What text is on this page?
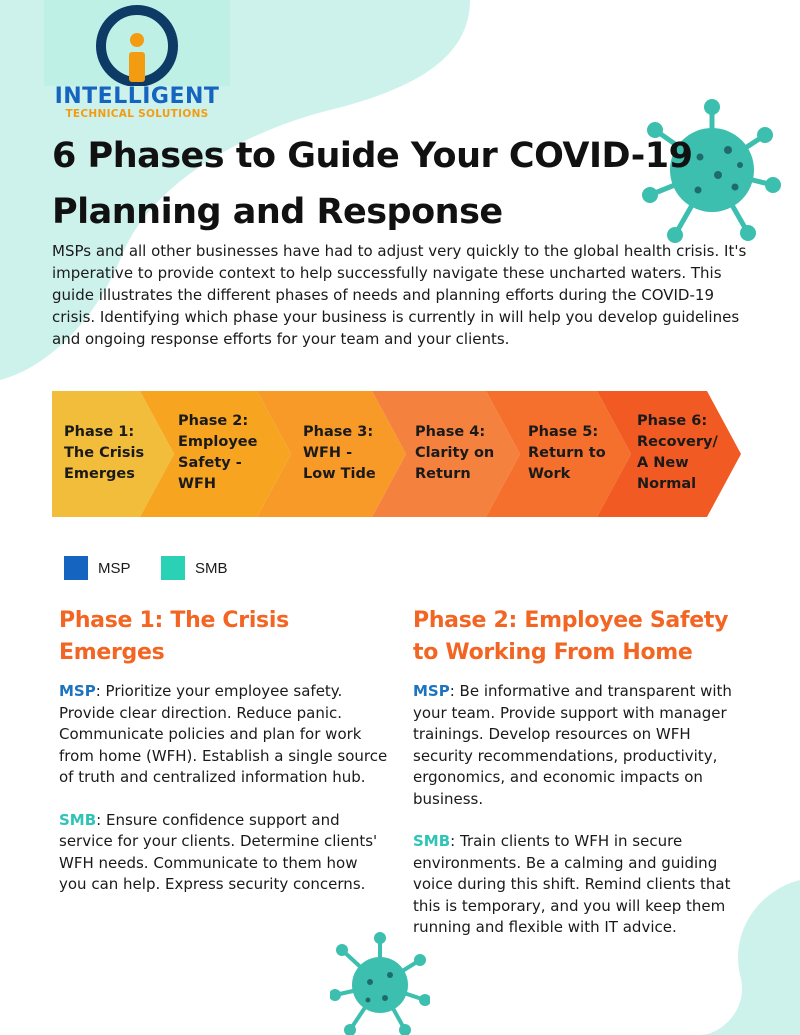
INTELLIGENT
TECHNICAL SOLUTIONS
6 Phases to Guide Your COVID-19
Planning and Response

MSPs and all other businesses have had to adjust very quickly to the global health crisis. It's imperative to provide context to help successfully navigate these uncharted waters. This guide illustrates the different phases of needs and planning efforts during the COVID-19 crisis. Identifying which phase your business is currently in will help you develop guidelines and ongoing response efforts for your team and your clients.

Phase 1:
The Crisis
Emerges
Phase 2:
Employee
Safety -
WFH
Phase 3:
WFH -
Low Tide
Phase 4:
Clarity on
Return
Phase 5:
Return to
Work
Phase 6:
Recovery/
A New
Normal
MSP	SMB
Phase 1: The Crisis Emerges

MSP: Prioritize your employee safety. Provide clear direction. Reduce panic. Communicate policies and plan for work from home (WFH). Establish a single source of truth and centralized information hub.

SMB: Ensure confidence support and service for your clients. Determine clients' WFH needs. Communicate to them how you can help. Express security concerns.

Phase 2: Employee Safety to Working From Home

MSP: Be informative and transparent with your team. Provide support with manager trainings. Develop resources on WFH security recommendations, productivity, ergonomics, and economic impacts on business.

SMB: Train clients to WFH in secure environments. Be a calming and guiding voice during this shift. Remind clients that this is temporary, and you will keep them running and flexible with IT advice.
